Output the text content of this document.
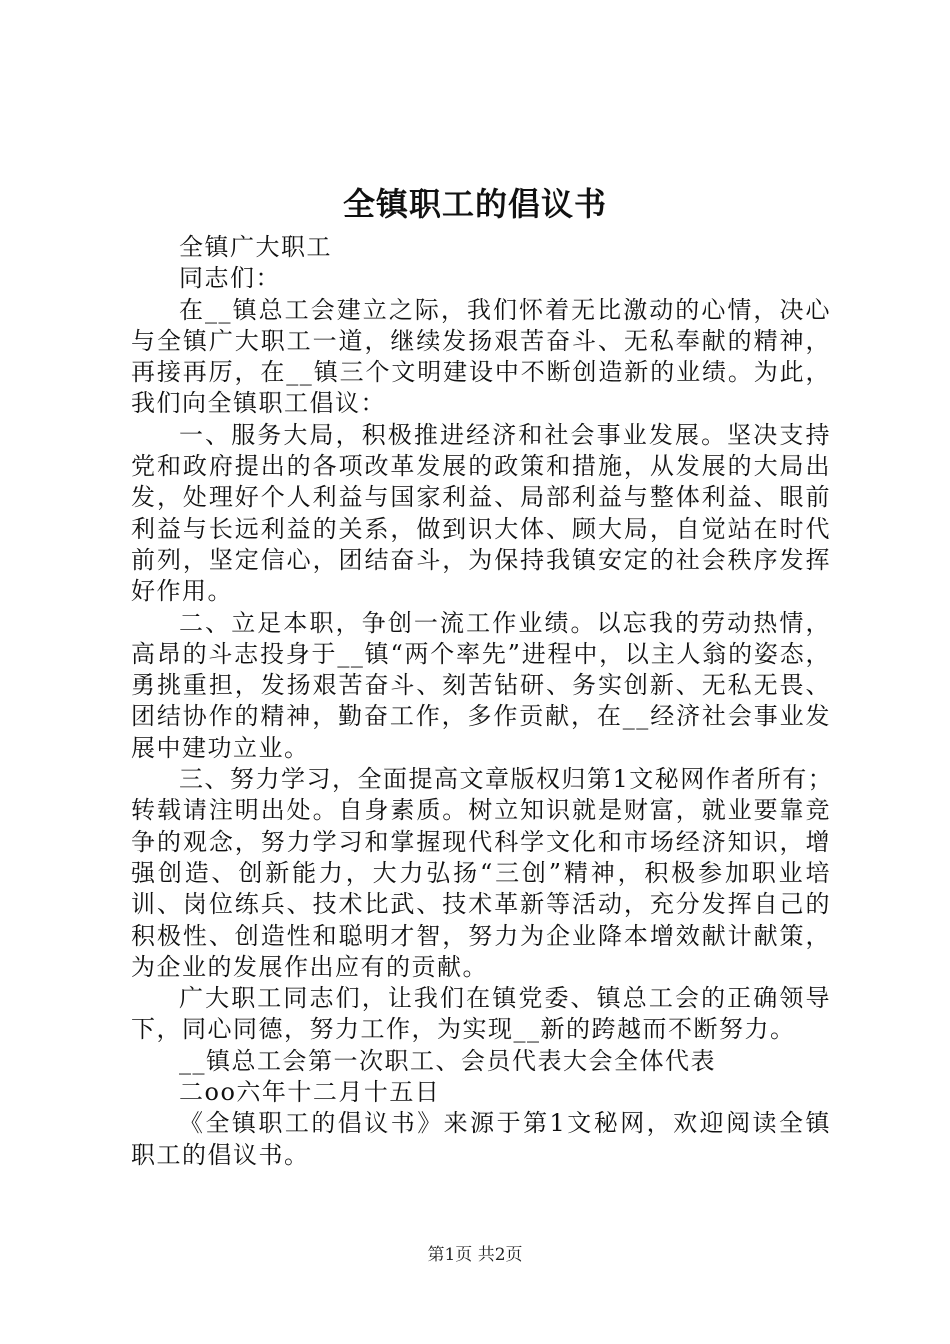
全镇职工的倡议书
全镇广大职工
同志们：
在__镇总工会建立之际，我们怀着无比激动的心情，决心
与全镇广大职工一道，继续发扬艰苦奋斗、无私奉献的精神，
再接再厉，在__镇三个文明建设中不断创造新的业绩。为此，
我们向全镇职工倡议：
一、服务大局，积极推进经济和社会事业发展。坚决支持
党和政府提出的各项改革发展的政策和措施，从发展的大局出
发，处理好个人利益与国家利益、局部利益与整体利益、眼前
利益与长远利益的关系，做到识大体、顾大局，自觉站在时代
前列，坚定信心，团结奋斗，为保持我镇安定的社会秩序发挥
好作用。
二、立足本职，争创一流工作业绩。以忘我的劳动热情，
高昂的斗志投身于__镇“两个率先”进程中，以主人翁的姿态，
勇挑重担，发扬艰苦奋斗、刻苦钻研、务实创新、无私无畏、
团结协作的精神，勤奋工作，多作贡献，在__经济社会事业发
展中建功立业。
三、努力学习，全面提高文章版权归第1文秘网作者所有；
转载请注明出处。自身素质。树立知识就是财富，就业要靠竞
争的观念，努力学习和掌握现代科学文化和市场经济知识，增
强创造、创新能力，大力弘扬“三创”精神，积极参加职业培
训、岗位练兵、技术比武、技术革新等活动，充分发挥自己的
积极性、创造性和聪明才智，努力为企业降本增效献计献策，
为企业的发展作出应有的贡献。
广大职工同志们，让我们在镇党委、镇总工会的正确领导
下，同心同德，努力工作，为实现__新的跨越而不断努力。
__镇总工会第一次职工、会员代表大会全体代表
二oo六年十二月十五日
《全镇职工的倡议书》来源于第1文秘网，欢迎阅读全镇
职工的倡议书。
第1页 共2页
